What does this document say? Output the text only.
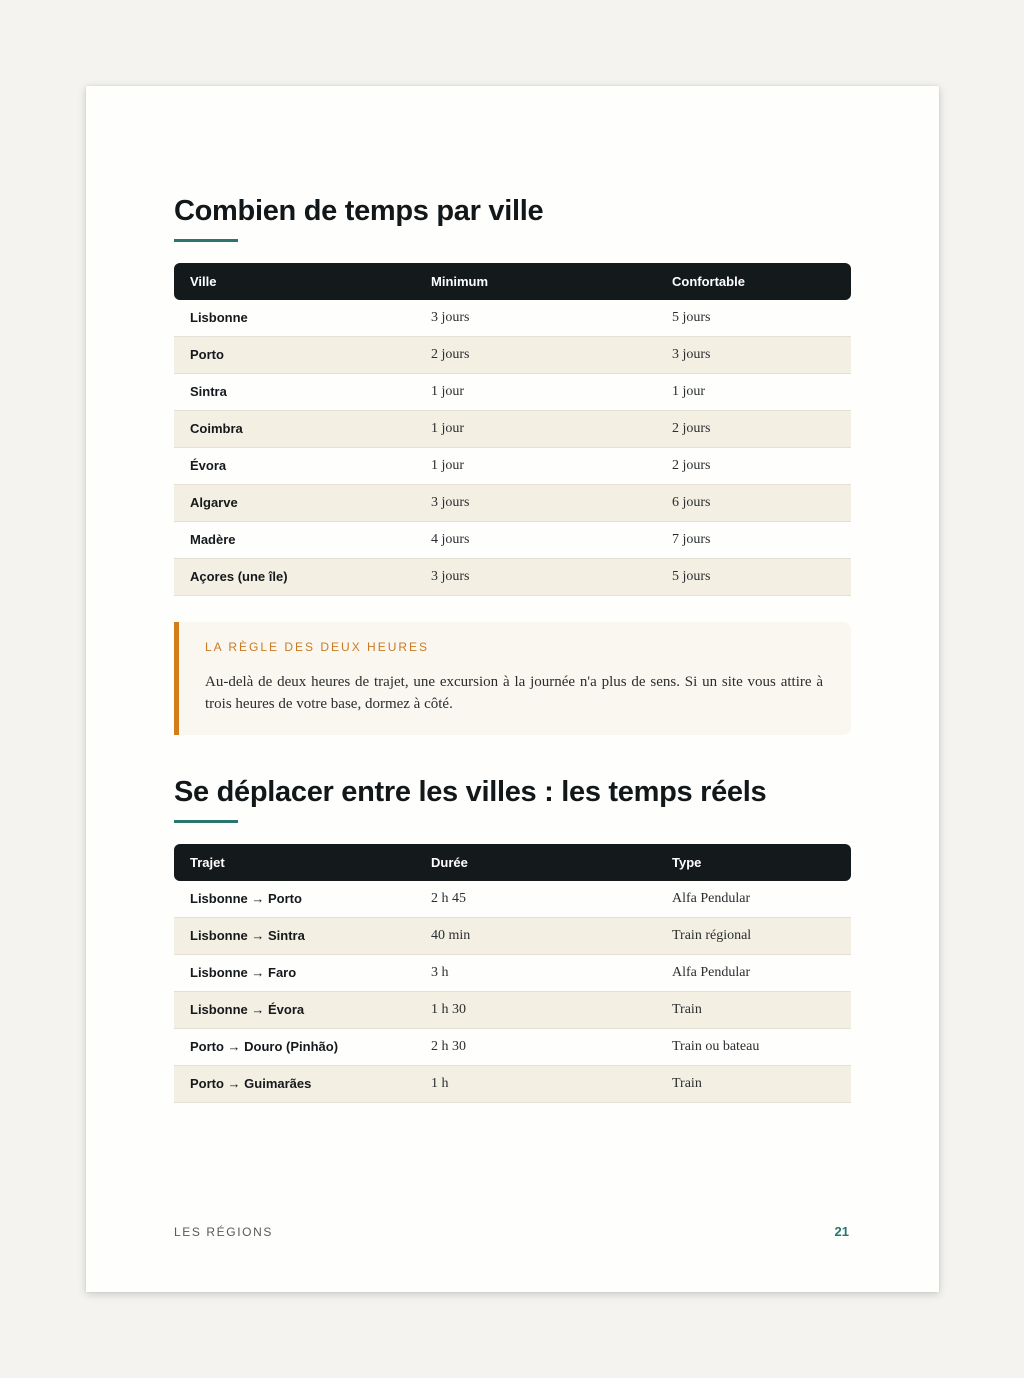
Combien de temps par ville
Ville	Minimum	Confortable
Lisbonne	3 jours	5 jours
Porto	2 jours	3 jours
Sintra	1 jour	1 jour
Coimbra	1 jour	2 jours
Évora	1 jour	2 jours
Algarve	3 jours	6 jours
Madère	4 jours	7 jours
Açores (une île)	3 jours	5 jours
LA RÈGLE DES DEUX HEURES
Au-delà de deux heures de trajet, une excursion à la journée n'a plus de sens. Si un site vous attire à trois heures de votre base, dormez à côté.
Se déplacer entre les villes : les temps réels
Trajet	Durée	Type
Lisbonne → Porto	2 h 45	Alfa Pendular
Lisbonne → Sintra	40 min	Train régional
Lisbonne → Faro	3 h	Alfa Pendular
Lisbonne → Évora	1 h 30	Train
Porto → Douro (Pinhão)	2 h 30	Train ou bateau
Porto → Guimarães	1 h	Train
LES RÉGIONS	21
